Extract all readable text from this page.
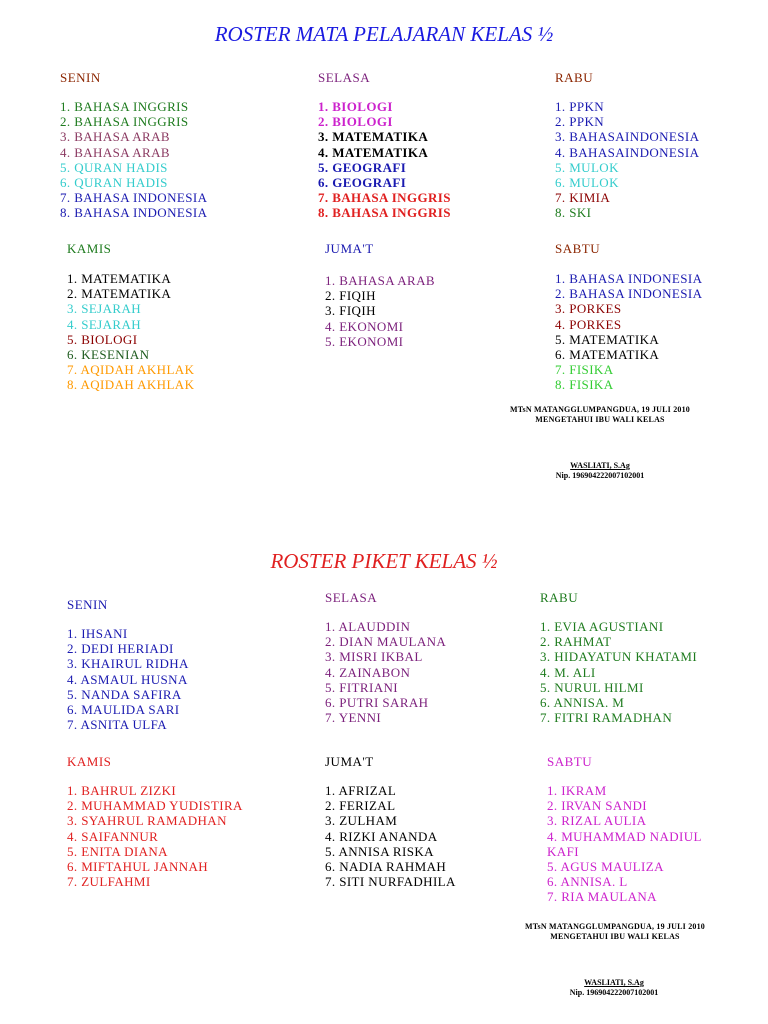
ROSTER MATA PELAJARAN KELAS ½
SENIN
1. BAHASA INGGRIS
2. BAHASA INGGRIS
3. BAHASA ARAB
4. BAHASA ARAB
5. QURAN HADIS
6. QURAN HADIS
7. BAHASA INDONESIA
8. BAHASA INDONESIA
SELASA
1. BIOLOGI
2. BIOLOGI
3. MATEMATIKA
4. MATEMATIKA
5. GEOGRAFI
6. GEOGRAFI
7. BAHASA INGGRIS
8. BAHASA INGGRIS
RABU
1. PPKN
2. PPKN
3. BAHASAINDONESIA
4. BAHASAINDONESIA
5. MULOK
6. MULOK
7. KIMIA
8. SKI
KAMIS
1. MATEMATIKA
2. MATEMATIKA
3. SEJARAH
4. SEJARAH
5. BIOLOGI
6. KESENIAN
7. AQIDAH AKHLAK
8. AQIDAH AKHLAK
JUMA'T
1. BAHASA ARAB
2. FIQIH
3. FIQIH
4. EKONOMI
5. EKONOMI
SABTU
1. BAHASA INDONESIA
2. BAHASA INDONESIA
3. PORKES
4. PORKES
5. MATEMATIKA
6. MATEMATIKA
7. FISIKA
8. FISIKA
MTsN MATANGGLUMPANGDUA, 19 JULI 2010
MENGETAHUI IBU WALI KELAS
WASLIATI, S.Ag
Nip. 196904222007102001
ROSTER PIKET KELAS ½
SENIN
1. IHSANI
2. DEDI HERIADI
3. KHAIRUL RIDHA
4. ASMAUL HUSNA
5. NANDA SAFIRA
6. MAULIDA SARI
7. ASNITA ULFA
SELASA
1. ALAUDDIN
2. DIAN MAULANA
3. MISRI IKBAL
4. ZAINABON
5. FITRIANI
6. PUTRI SARAH
7. YENNI
RABU
1. EVIA AGUSTIANI
2. RAHMAT
3. HIDAYATUN KHATAMI
4. M. ALI
5. NURUL HILMI
6. ANNISA. M
7. FITRI RAMADHAN
KAMIS
1. BAHRUL ZIZKI
2. MUHAMMAD YUDISTIRA
3. SYAHRUL RAMADHAN
4. SAIFANNUR
5. ENITA DIANA
6. MIFTAHUL JANNAH
7. ZULFAHMI
JUMA'T
1. AFRIZAL
2. FERIZAL
3. ZULHAM
4. RIZKI ANANDA
5. ANNISA RISKA
6. NADIA RAHMAH
7. SITI NURFADHILA
SABTU
1. IKRAM
2. IRVAN SANDI
3. RIZAL AULIA
4. MUHAMMAD NADIUL
KAFI
5. AGUS MAULIZA
6. ANNISA. L
7. RIA MAULANA
MTsN MATANGGLUMPANGDUA, 19 JULI 2010
MENGETAHUI IBU WALI KELAS
WASLIATI, S.Ag
Nip. 196904222007102001
